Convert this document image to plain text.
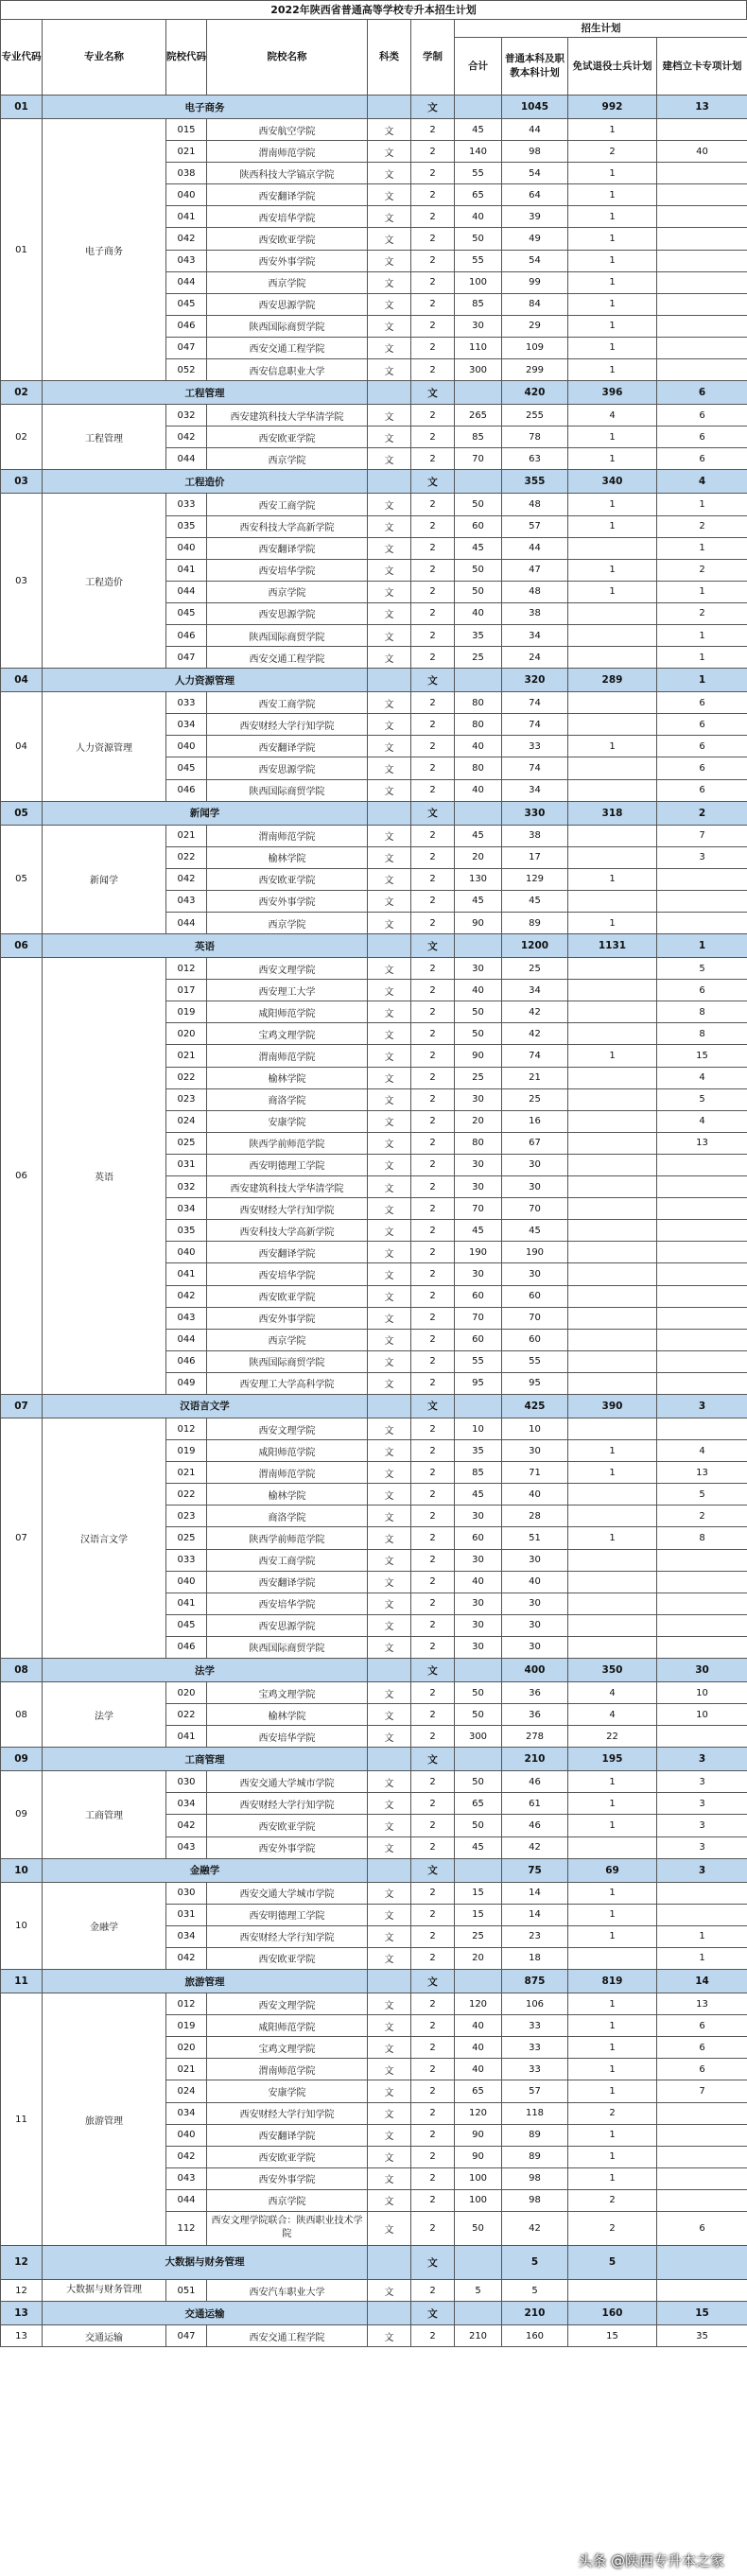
2022年陕西省普通高等学校专升本招生计划
专业代码	专业名称	院校代码	院校名称	科类	学制	招生计划				
						合计	普通本科及职教本科计划	免试退役士兵计划	建档立卡专项计划	
01	电子商务				文		1045	992	13	
01	电子商务	015	西安航空学院	文	2	45	44	1		
		021	渭南师范学院	文	2	140	98	2	40	
		038	陕西科技大学镐京学院	文	2	55	54	1		
		040	西安翻译学院	文	2	65	64	1		
		041	西安培华学院	文	2	40	39	1		
		042	西安欧亚学院	文	2	50	49	1		
		043	西安外事学院	文	2	55	54	1		
		044	西京学院	文	2	100	99	1		
		045	西安思源学院	文	2	85	84	1		
		046	陕西国际商贸学院	文	2	30	29	1		
		047	西安交通工程学院	文	2	110	109	1		
		052	西安信息职业大学	文	2	300	299	1		
02	工程管理				文		420	396	6	
02	工程管理	032	西安建筑科技大学华清学院	文	2	265	255	4	6	
		042	西安欧亚学院	文	2	85	78	1	6	
		044	西京学院	文	2	70	63	1	6	
03	工程造价				文		355	340	4	
03	工程造价	033	西安工商学院	文	2	50	48	1	1	
		035	西安科技大学高新学院	文	2	60	57	1	2	
		040	西安翻译学院	文	2	45	44		1	
		041	西安培华学院	文	2	50	47	1	2	
		044	西京学院	文	2	50	48	1	1	
		045	西安思源学院	文	2	40	38		2	
		046	陕西国际商贸学院	文	2	35	34		1	
		047	西安交通工程学院	文	2	25	24		1	
04	人力资源管理				文		320	289	1	
04	人力资源管理	033	西安工商学院	文	2	80	74		6	
		034	西安财经大学行知学院	文	2	80	74		6	
		040	西安翻译学院	文	2	40	33	1	6	
		045	西安思源学院	文	2	80	74		6	
		046	陕西国际商贸学院	文	2	40	34		6	
05	新闻学				文		330	318	2	
05	新闻学	021	渭南师范学院	文	2	45	38		7	
		022	榆林学院	文	2	20	17		3	
		042	西安欧亚学院	文	2	130	129	1		
		043	西安外事学院	文	2	45	45			
		044	西京学院	文	2	90	89	1		
06	英语				文		1200	1131	1	
06	英语	012	西安文理学院	文	2	30	25		5	
		017	西安理工大学	文	2	40	34		6	
		019	咸阳师范学院	文	2	50	42		8	
		020	宝鸡文理学院	文	2	50	42		8	
		021	渭南师范学院	文	2	90	74	1	15	
		022	榆林学院	文	2	25	21		4	
		023	商洛学院	文	2	30	25		5	
		024	安康学院	文	2	20	16		4	
		025	陕西学前师范学院	文	2	80	67		13	
		031	西安明德理工学院	文	2	30	30			
		032	西安建筑科技大学华清学院	文	2	30	30			
		034	西安财经大学行知学院	文	2	70	70			
		035	西安科技大学高新学院	文	2	45	45			
		040	西安翻译学院	文	2	190	190			
		041	西安培华学院	文	2	30	30			
		042	西安欧亚学院	文	2	60	60			
		043	西安外事学院	文	2	70	70			
		044	西京学院	文	2	60	60			
		046	陕西国际商贸学院	文	2	55	55			
		049	西安理工大学高科学院	文	2	95	95			
07	汉语言文学				文		425	390	3	
07	汉语言文学	012	西安文理学院	文	2	10	10			
		019	咸阳师范学院	文	2	35	30	1	4	
		021	渭南师范学院	文	2	85	71	1	13	
		022	榆林学院	文	2	45	40		5	
		023	商洛学院	文	2	30	28		2	
		025	陕西学前师范学院	文	2	60	51	1	8	
		033	西安工商学院	文	2	30	30			
		040	西安翻译学院	文	2	40	40			
		041	西安培华学院	文	2	30	30			
		045	西安思源学院	文	2	30	30			
		046	陕西国际商贸学院	文	2	30	30			
08	法学				文		400	350	30	
08	法学	020	宝鸡文理学院	文	2	50	36	4	10	
		022	榆林学院	文	2	50	36	4	10	
		041	西安培华学院	文	2	300	278	22		
09	工商管理				文		210	195	3	
09	工商管理	030	西安交通大学城市学院	文	2	50	46	1	3	
		034	西安财经大学行知学院	文	2	65	61	1	3	
		042	西安欧亚学院	文	2	50	46	1	3	
		043	西安外事学院	文	2	45	42		3	
10	金融学				文		75	69	3	
10	金融学	030	西安交通大学城市学院	文	2	15	14	1		
		031	西安明德理工学院	文	2	15	14	1		
		034	西安财经大学行知学院	文	2	25	23	1	1	
		042	西安欧亚学院	文	2	20	18		1	
11	旅游管理				文		875	819	14	
11	旅游管理	012	西安文理学院	文	2	120	106	1	13	
		019	咸阳师范学院	文	2	40	33	1	6	
		020	宝鸡文理学院	文	2	40	33	1	6	
		021	渭南师范学院	文	2	40	33	1	6	
		024	安康学院	文	2	65	57	1	7	
		034	西安财经大学行知学院	文	2	120	118	2		
		040	西安翻译学院	文	2	90	89	1		
		042	西安欧亚学院	文	2	90	89	1		
		043	西安外事学院	文	2	100	98	1		
		044	西京学院	文	2	100	98	2		
		112	西安文理学院联合：陕西职业技术学院	文	2	50	42	2	6	
12	大数据与财务管理				文		5	5		
12	大数据与财务管理	051	西安汽车职业大学	文	2	5	5			
13	交通运输				文		210	160	15	
13	交通运输	047	西安交通工程学院	文	2	210	160	15	35	
头条 @陕西专升本之家
